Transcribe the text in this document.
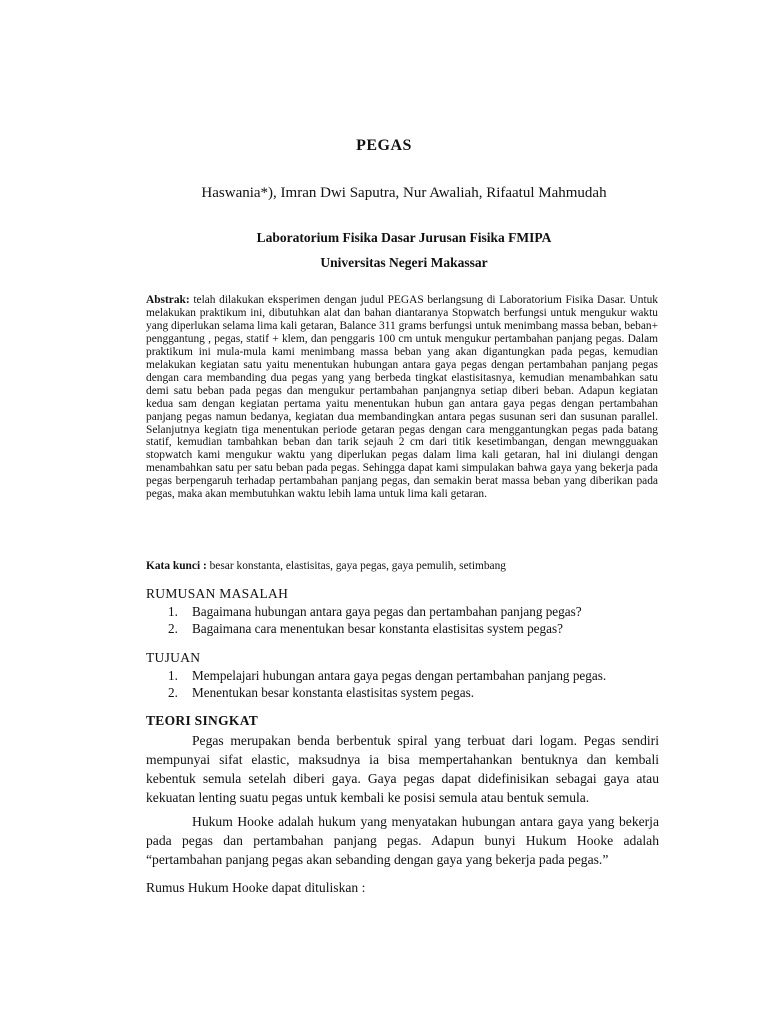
PEGAS
Haswania*), Imran Dwi Saputra, Nur Awaliah, Rifaatul Mahmudah
Laboratorium Fisika Dasar Jurusan Fisika FMIPA
Universitas Negeri Makassar
Abstrak: telah dilakukan eksperimen dengan judul PEGAS berlangsung di Laboratorium Fisika Dasar. Untuk melakukan praktikum ini, dibutuhkan alat dan bahan diantaranya Stopwatch berfungsi untuk mengukur waktu yang diperlukan selama lima kali getaran, Balance 311 grams berfungsi untuk menimbang massa beban, beban+ penggantung , pegas, statif + klem, dan penggaris 100 cm untuk mengukur pertambahan panjang pegas. Dalam praktikum ini mula-mula kami menimbang massa beban yang akan digantungkan pada pegas, kemudian melakukan kegiatan satu yaitu menentukan hubungan antara gaya pegas dengan pertambahan panjang pegas dengan cara membanding dua pegas yang yang berbeda tingkat elastisitasnya, kemudian menambahkan satu demi satu beban pada pegas dan mengukur pertambahan panjangnya setiap diberi beban. Adapun kegiatan kedua sam dengan kegiatan pertama yaitu menentukan hubun gan antara gaya pegas dengan pertambahan panjang pegas namun bedanya, kegiatan dua membandingkan antara pegas susunan seri dan susunan parallel. Selanjutnya kegiatn tiga menentukan periode getaran pegas dengan cara menggantungkan pegas pada batang statif, kemudian tambahkan beban dan tarik sejauh 2 cm dari titik kesetimbangan, dengan mewngguakan stopwatch kami mengukur waktu yang diperlukan pegas dalam lima kali getaran, hal ini diulangi dengan menambahkan satu per satu beban pada pegas. Sehingga dapat kami simpulakan bahwa gaya yang bekerja pada pegas berpengaruh terhadap pertambahan panjang pegas, dan semakin berat massa beban yang diberikan pada pegas, maka akan membutuhkan waktu lebih lama untuk lima kali getaran.
Kata kunci : besar konstanta, elastisitas, gaya pegas, gaya pemulih, setimbang
RUMUSAN MASALAH
1. Bagaimana hubungan antara gaya pegas dan pertambahan panjang pegas?
2. Bagaimana cara menentukan besar konstanta elastisitas system pegas?
TUJUAN
1. Mempelajari hubungan antara gaya pegas dengan pertambahan panjang pegas.
2. Menentukan besar konstanta elastisitas system pegas.
TEORI SINGKAT

Pegas merupakan benda berbentuk spiral yang terbuat dari logam. Pegas sendiri mempunyai sifat elastic, maksudnya ia bisa mempertahankan bentuknya dan kembali kebentuk semula setelah diberi gaya. Gaya pegas dapat didefinisikan sebagai gaya atau kekuatan lenting suatu pegas untuk kembali ke posisi semula atau bentuk semula.

Hukum Hooke adalah hukum yang menyatakan hubungan antara gaya yang bekerja pada pegas dan pertambahan panjang pegas. Adapun bunyi Hukum Hooke adalah “pertambahan panjang pegas akan sebanding dengan gaya yang bekerja pada pegas.”

Rumus Hukum Hooke dapat dituliskan :
